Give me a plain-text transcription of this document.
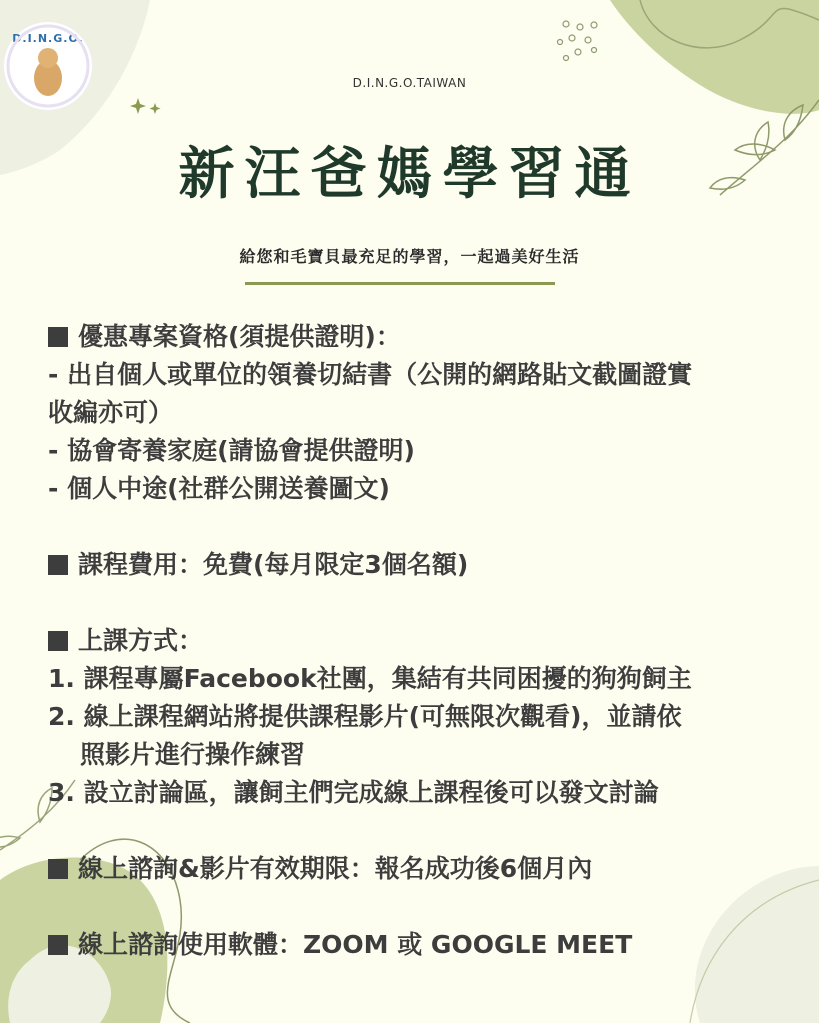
D.I.N.G.O.
D.I.N.G.O.TAIWAN
新汪爸媽學習通
給您和毛寶貝最充足的學習，一起過美好生活
優惠專案資格(須提供證明)：
- 出自個人或單位的領養切結書（公開的網路貼文截圖證實
收編亦可）
- 協會寄養家庭(請協會提供證明)
- 個人中途(社群公開送養圖文)
課程費用：免費(每月限定3個名額)
上課方式：
1. 課程專屬Facebook社團，集結有共同困擾的狗狗飼主
2. 線上課程網站將提供課程影片(可無限次觀看)，並請依
照影片進行操作練習
3. 設立討論區，讓飼主們完成線上課程後可以發文討論
線上諮詢&影片有效期限：報名成功後6個月內
線上諮詢使用軟體：ZOOM 或 GOOGLE MEET
